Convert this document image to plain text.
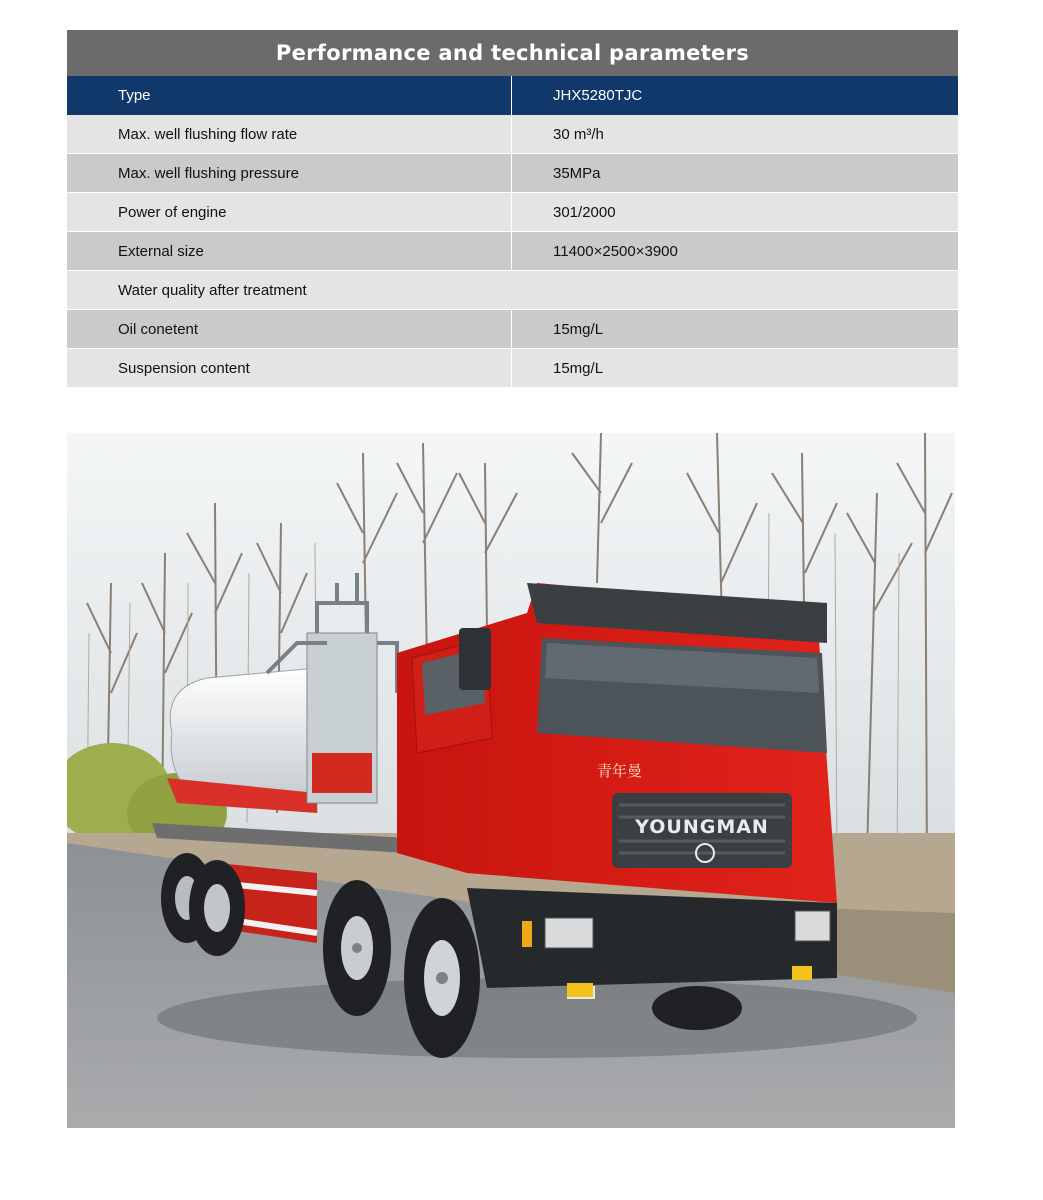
Performance and technical parameters
Type	JHX5280TJC
Max. well flushing flow rate	30 m³/h
Max. well flushing pressure	35MPa
Power of engine	301/2000
External size	11400×2500×3900
Water quality after treatment
Oil conetent	15mg/L
Suspension content	15mg/L
YOUNGMAN
青年曼
